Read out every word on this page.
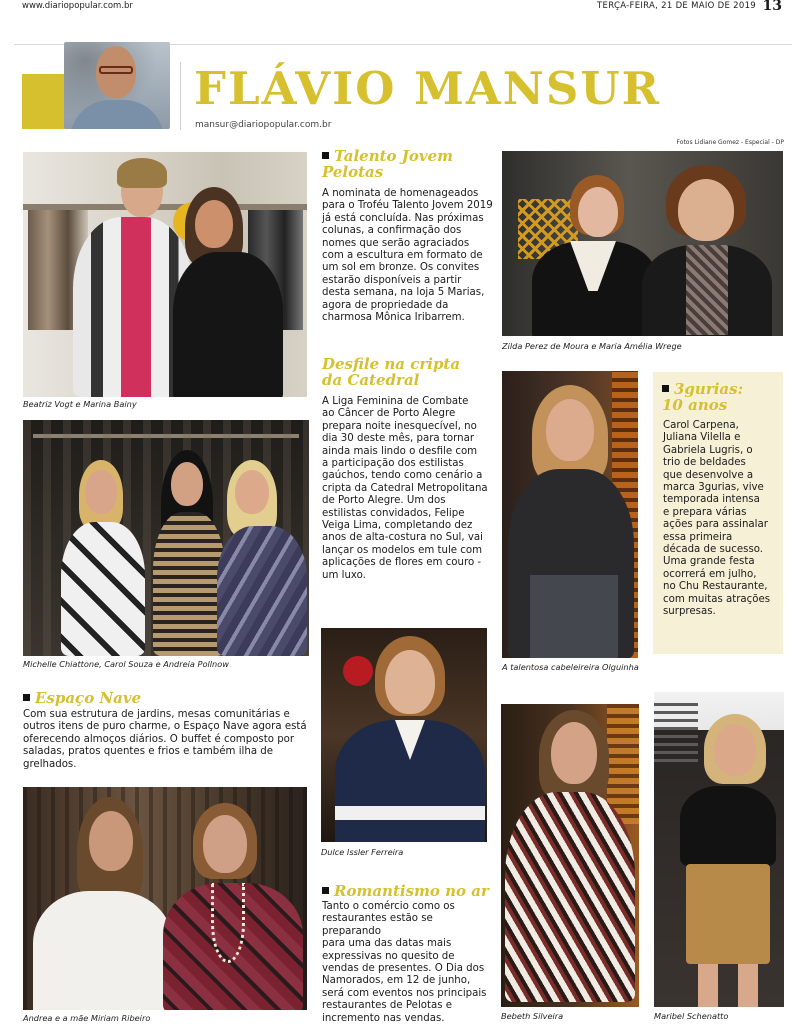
www.diariopopular.com.br	TERÇA-FEIRA, 21 DE MAIO DE 2019 13
FLÁVIO MANSUR
mansur@diariopopular.com.br
Fotos Lidiane Gomez - Especial - DP
Beatriz Vogt e Marina Bainy
Michelle Chiattone, Carol Souza e Andreia Pollnow
Espaço Nave
Com sua estrutura de jardins, mesas comunitárias e
outros itens de puro charme, o Espaço Nave agora está
oferecendo almoços diários. O buffet é composto por
saladas, pratos quentes e frios e também ilha de grelhados.
Andrea e a mãe Miriam Ribeiro
Talento Jovem
Pelotas
A nominata de homenageados
para o Troféu Talento Jovem 2019
já está concluída. Nas próximas
colunas, a confirmação dos
nomes que serão agraciados
com a escultura em formato de
um sol em bronze. Os convites
estarão disponíveis a partir
desta semana, na loja 5 Marias,
agora de propriedade da
charmosa Mônica Iribarrem.
Desfile na cripta
da Catedral
A Liga Feminina de Combate
ao Câncer de Porto Alegre
prepara noite inesquecível, no
dia 30 deste mês, para tornar
ainda mais lindo o desfile com
a participação dos estilistas
gaúchos, tendo como cenário a
cripta da Catedral Metropolitana
de Porto Alegre. Um dos
estilistas convidados, Felipe
Veiga Lima, completando dez
anos de alta-costura no Sul, vai
lançar os modelos em tule com
aplicações de flores em couro -
um luxo.
Dulce Issler Ferreira
Romantismo no ar
Tanto o comércio como os
restaurantes estão se preparando
para uma das datas mais
expressivas no quesito de
vendas de presentes. O Dia dos
Namorados, em 12 de junho,
será com eventos nos principais
restaurantes de Pelotas e
incremento nas vendas.
Zilda Perez de Moura e Maria Amélia Wrege
A talentosa cabeleireira Olguinha
3gurias:
10 anos
Carol Carpena,
Juliana Vilella e
Gabriela Lugris, o
trio de beldades
que desenvolve a
marca 3gurias, vive
temporada intensa
e prepara várias
ações para assinalar
essa primeira
década de sucesso.
Uma grande festa
ocorrerá em julho,
no Chu Restaurante,
com muitas atrações
surpresas.
Bebeth Silveira	Maribel Schenatto
